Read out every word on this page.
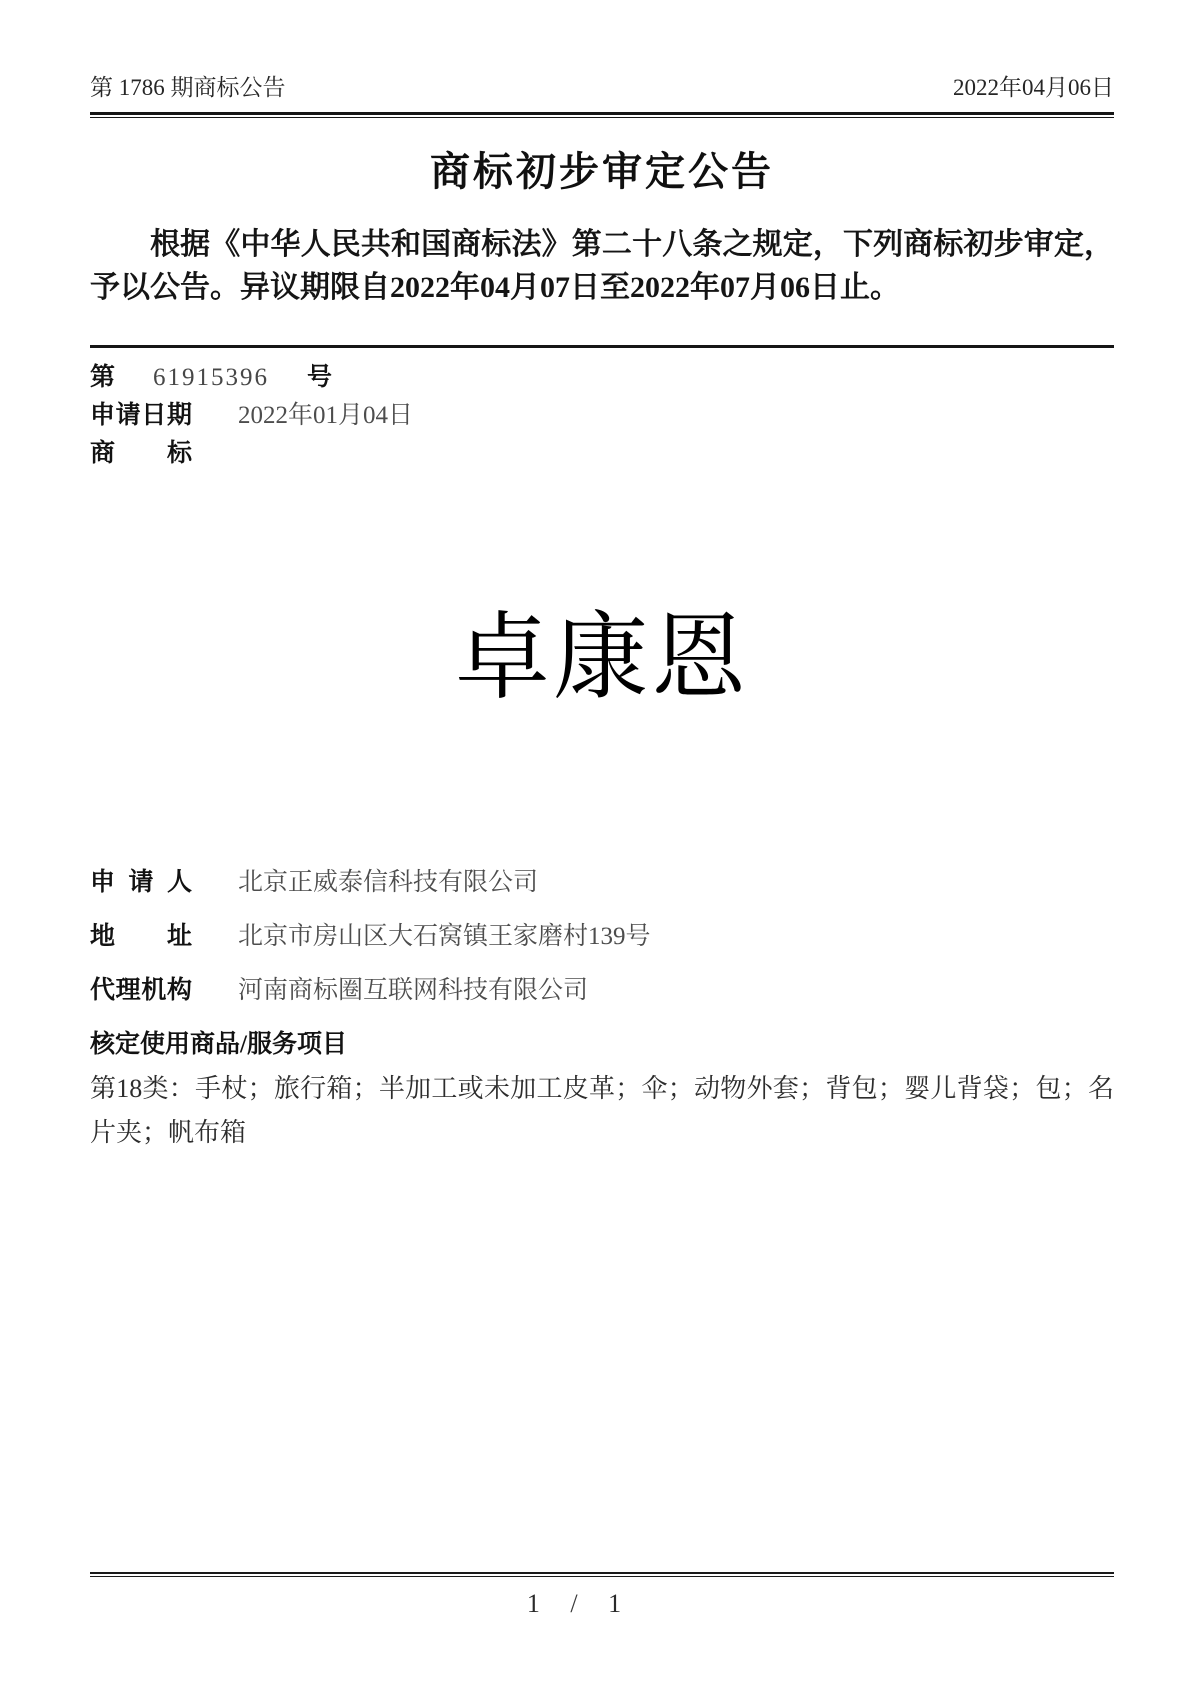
第 1786 期商标公告	2022年04月06日
商标初步审定公告
根据《中华人民共和国商标法》第二十八条之规定，下列商标初步审定，予以公告。异议期限自2022年04月07日至2022年07月06日止。
第 61915396 号
申请日期 2022年01月04日
商 标
卓康恩
申 请 人 北京正威泰信科技有限公司
地 址 北京市房山区大石窝镇王家磨村139号
代理机构 河南商标圈互联网科技有限公司
核定使用商品/服务项目
第18类：手杖；旅行箱；半加工或未加工皮革；伞；动物外套；背包；婴儿背袋；包；名片夹；帆布箱
1 / 1
